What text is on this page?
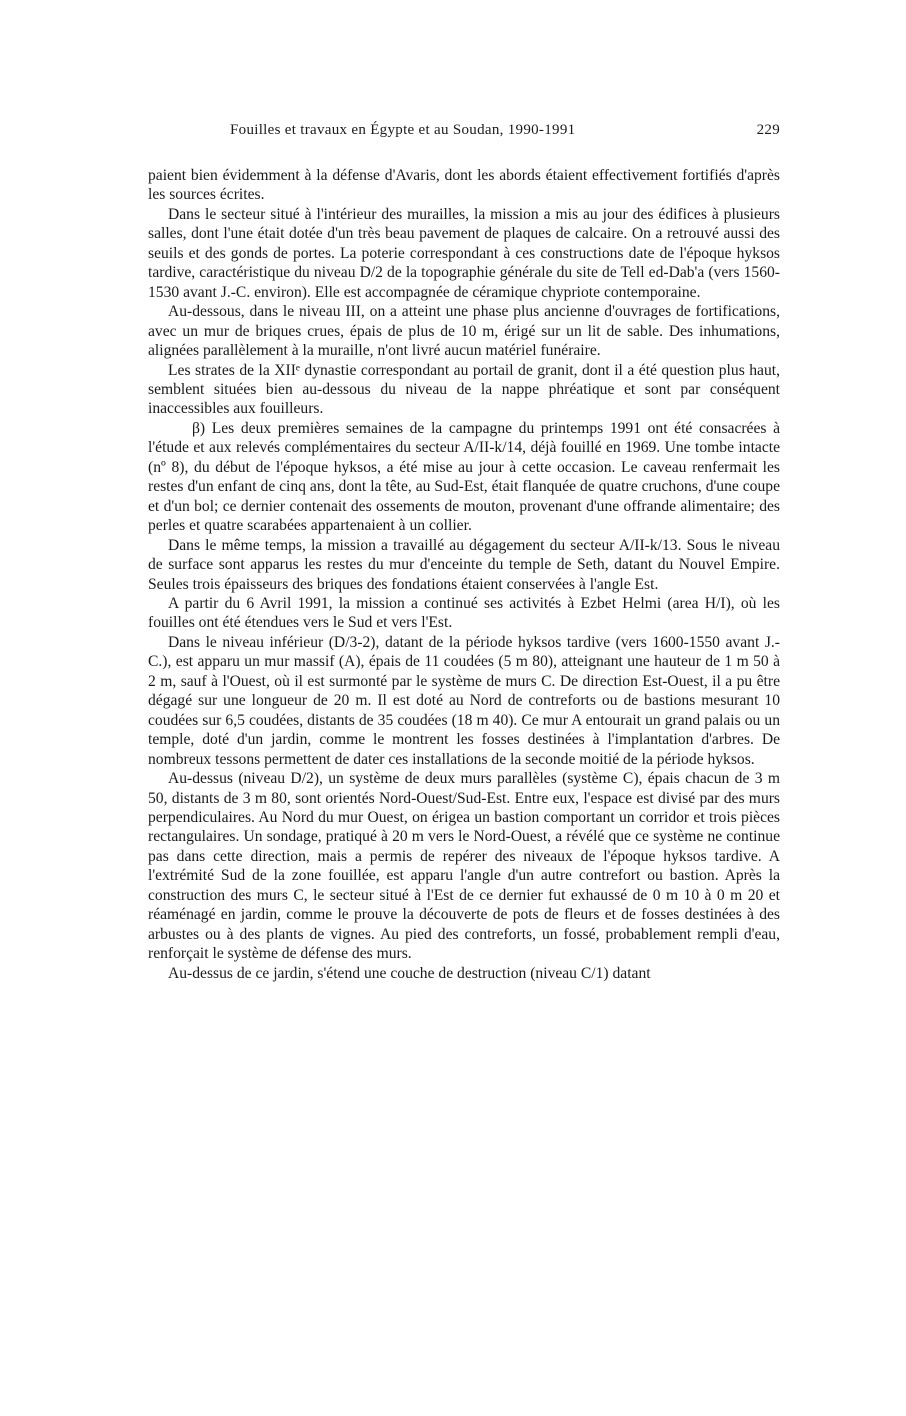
Fouilles et travaux en Égypte et au Soudan, 1990-1991	229

paient bien évidemment à la défense d'Avaris, dont les abords étaient effectivement fortifiés d'après les sources écrites.

Dans le secteur situé à l'intérieur des murailles, la mission a mis au jour des édifices à plusieurs salles, dont l'une était dotée d'un très beau pavement de plaques de calcaire. On a retrouvé aussi des seuils et des gonds de portes. La poterie correspondant à ces constructions date de l'époque hyksos tardive, caractéristique du niveau D/2 de la topographie générale du site de Tell ed-Dab'a (vers 1560-1530 avant J.-C. environ). Elle est accompagnée de céramique chypriote contemporaine.

Au-dessous, dans le niveau III, on a atteint une phase plus ancienne d'ouvrages de fortifications, avec un mur de briques crues, épais de plus de 10 m, érigé sur un lit de sable. Des inhumations, alignées parallèlement à la muraille, n'ont livré aucun matériel funéraire.

Les strates de la XIIᵉ dynastie correspondant au portail de granit, dont il a été question plus haut, semblent situées bien au-dessous du niveau de la nappe phréatique et sont par conséquent inaccessibles aux fouilleurs.

β) Les deux premières semaines de la campagne du printemps 1991 ont été consacrées à l'étude et aux relevés complémentaires du secteur A/II-k/14, déjà fouillé en 1969. Une tombe intacte (nº 8), du début de l'époque hyksos, a été mise au jour à cette occasion. Le caveau renfermait les restes d'un enfant de cinq ans, dont la tête, au Sud-Est, était flanquée de quatre cruchons, d'une coupe et d'un bol; ce dernier contenait des ossements de mouton, provenant d'une offrande alimentaire; des perles et quatre scarabées appartenaient à un collier.

Dans le même temps, la mission a travaillé au dégagement du secteur A/II-k/13. Sous le niveau de surface sont apparus les restes du mur d'enceinte du temple de Seth, datant du Nouvel Empire. Seules trois épaisseurs des briques des fondations étaient conservées à l'angle Est.

A partir du 6 Avril 1991, la mission a continué ses activités à Ezbet Helmi (area H/I), où les fouilles ont été étendues vers le Sud et vers l'Est.

Dans le niveau inférieur (D/3-2), datant de la période hyksos tardive (vers 1600-1550 avant J.-C.), est apparu un mur massif (A), épais de 11 coudées (5 m 80), atteignant une hauteur de 1 m 50 à 2 m, sauf à l'Ouest, où il est surmonté par le système de murs C. De direction Est-Ouest, il a pu être dégagé sur une longueur de 20 m. Il est doté au Nord de contreforts ou de bastions mesurant 10 coudées sur 6,5 coudées, distants de 35 coudées (18 m 40). Ce mur A entourait un grand palais ou un temple, doté d'un jardin, comme le montrent les fosses destinées à l'implantation d'arbres. De nombreux tessons permettent de dater ces installations de la seconde moitié de la période hyksos.

Au-dessus (niveau D/2), un système de deux murs parallèles (système C), épais chacun de 3 m 50, distants de 3 m 80, sont orientés Nord-Ouest/Sud-Est. Entre eux, l'espace est divisé par des murs perpendiculaires. Au Nord du mur Ouest, on érigea un bastion comportant un corridor et trois pièces rectangulaires. Un sondage, pratiqué à 20 m vers le Nord-Ouest, a révélé que ce système ne continue pas dans cette direction, mais a permis de repérer des niveaux de l'époque hyksos tardive. A l'extrémité Sud de la zone fouillée, est apparu l'angle d'un autre contrefort ou bastion. Après la construction des murs C, le secteur situé à l'Est de ce dernier fut exhaussé de 0 m 10 à 0 m 20 et réaménagé en jardin, comme le prouve la découverte de pots de fleurs et de fosses destinées à des arbustes ou à des plants de vignes. Au pied des contreforts, un fossé, probablement rempli d'eau, renforçait le système de défense des murs.

Au-dessus de ce jardin, s'étend une couche de destruction (niveau C/1) datant
